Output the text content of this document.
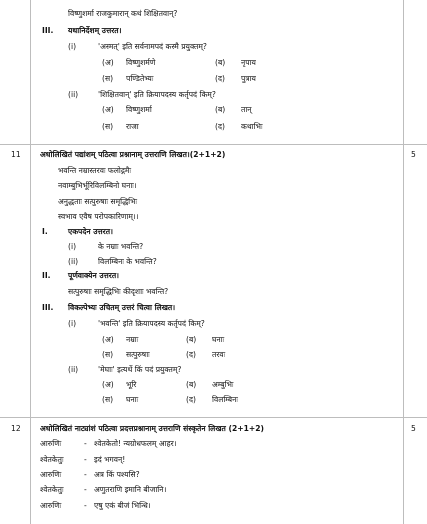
विष्णुशर्मा राजकुमारान् कथं शिक्षितवान्?
III. यथानिर्देशम् उत्तरत।
(i)	'अस्मत्' इति सर्वनामपदं कस्मै प्रयुक्तम्?
(अ) विष्णुशर्मणे	(ब) नृपाय
(स) पण्डितेभ्यः	(द) पुत्राय
(ii)	'शिक्षितवान्' इति क्रियापदस्य कर्तृपदं किम्?
(अ) विष्णुशर्मा	(ब) तान्
(स) राजा	(द) कथाभिः
11	5
अधोलिखितं पद्यांशम् पठित्वा प्रश्नानाम् उत्तराणि लिखत।(2+1+2)
भवन्ति नम्रास्तरवः फलोद्गमैः
नवाम्बुभिर्भूरिविलम्बिनो घनाः।
अनुद्धताः सत्पुरुषाः समृद्धिभिः
स्वभाव एवैष परोपकारिणाम्।।
I.	एकपदेन उत्तरत।
(i)	के नम्राः भवन्ति?
(ii)	विलम्बिनः के भवन्ति?
II. पूर्णवाक्येन उत्तरत।
सत्पुरुषाः समृद्धिभिः कीदृशाः भवन्ति?
III. विकल्पेभ्यः उचितम् उत्तरं चित्वा लिखत।
(i)	'भवन्ति' इति क्रियापदस्य कर्तृपदं किम्?
(अ) नम्राः	(ब) घनाः
(स) सत्पुरुषाः	(द) तरवः
(ii)	'मेघाः' इत्यर्थे किं पदं प्रयुक्तम्?
(अ) भूरि	(ब) अम्बुभिः
(स) घनाः	(द) विलम्बिनः
12	5
अधोलिखितं नाट्यांशं पठित्वा प्रदत्तप्रश्नानाम् उत्तराणि संस्कृतेन लिखत (2+1+2)
आरुणिः	- श्वेतकेतो! न्यग्रोधफलम् आहर।
श्वेतकेतुः	- इदं भगवन्!
आरुणिः	- अत्र किं पश्यसि?
श्वेतकेतुः	- अणुतराणि इमानि बीजानि।
आरुणिः	- एषु एकं बीजं भिन्धि।
